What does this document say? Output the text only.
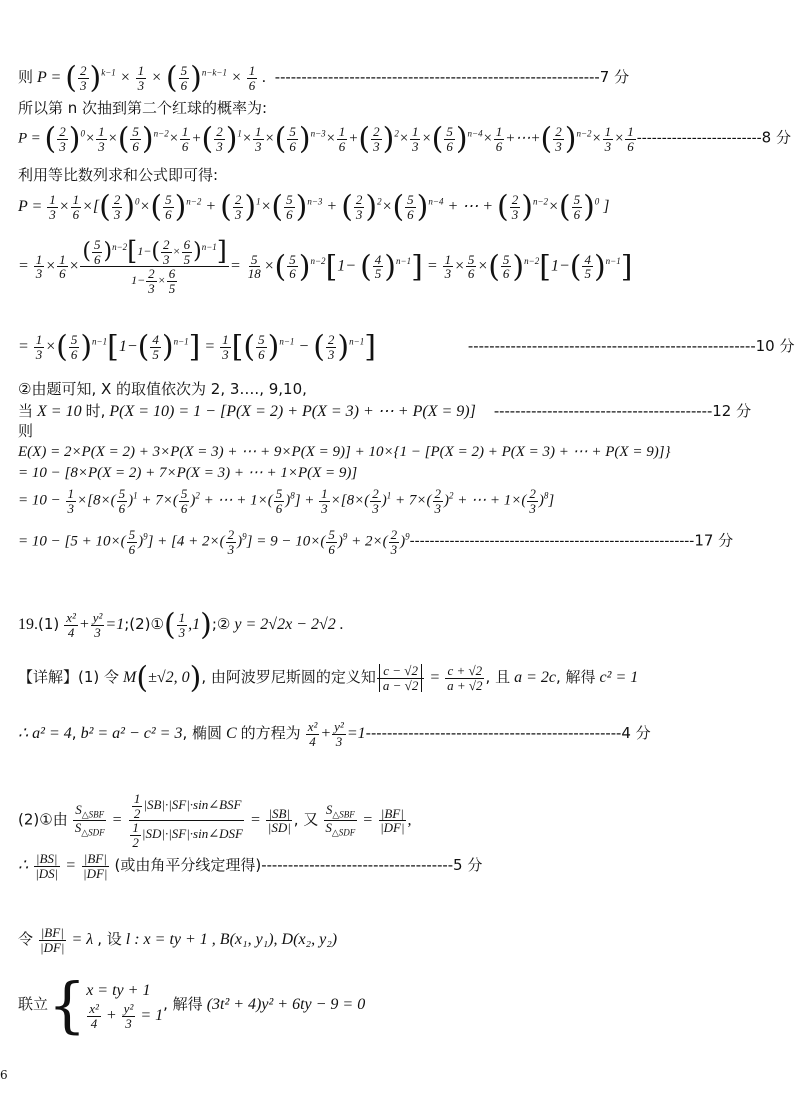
则 P = ( $\frac{2}{3} )^{k-1} \times \frac{1}{3}$ × ( $\frac{5}{6} )^{n-k-1} \times \frac{1}{6}$ .  -------------------------------------------------------------7 分
所以第 n 次抽到第二个红球的概率为:
P = ( $\frac{2}{3} )^0\times \frac{1}{3}$ ×( $\frac{5}{6} )^{n-2}\times \frac{1}{6}$ +( $\frac{2}{3} )^1\times \frac{1}{3}$ ×( $\frac{5}{6} )^{n-3}\times \frac{1}{6}$ +( $\frac{2}{3} )^2\times \frac{1}{3}$ ×( $\frac{5}{6} )^{n-4}\times \frac{1}{6}$ +⋯+( $\frac{2}{3} )^{n-2}\times \frac{1}{3} \times \frac{1}{6} -------------------------8$ 分
利用等比数列求和公式即可得:
$P = \frac{1}{3} \times \frac{1}{6}$ ×[( $\frac{2}{3} )^0\times( \frac{5}{6} )^{n-2}$ + ( $\frac{2}{3} )^1\times( \frac{5}{6} )^{n-3}$ + ( $\frac{2}{3} )^2\times( \frac{5}{6} )^{n-4}$ + ⋯ + ( $\frac{2}{3} )^{n-2}\times( \frac{5}{6} )^0$ ]
= $\frac{1}{3} \times \frac{1}{6} \times \frac{( \frac{5}{6} )^{n-2}[1-( \frac{2}{3} \times \frac{6}{5} )^{n-1}]}{1- \frac{2}{3} \times \frac{6}{5}} = \frac{5}{18}$ ×( $\frac{5}{6} )^{n-2}[1-$ ( $\frac{4}{5} )^{n-1}] = \frac{1}{3} \times \frac{5}{6}$ ×( $\frac{5}{6} )^{n-2}[1-( \frac{4}{5} )^{n-1}]$
= $\frac{1}{3}$ ×( $\frac{5}{6} )^{n-1}[1-( \frac{4}{5} )^{n-1}] = \frac{1}{3}$ [( $\frac{5}{6} )^{n-1}$ − ( $\frac{2}{3} )^{n-1}$]	------------------------------------------------------10 分
②由题可知, X 的取值依次为 2, 3…., 9,10,
当 X = 10 时, P(X = 10) = 1 − [P(X = 2) + P(X = 3) + ⋯ + P(X = 9)] -----------------------------------------12 分
则
E(X) = 2×P(X = 2) + 3×P(X = 3) + ⋯ + 9×P(X = 9)] + 10×{1 − [P(X = 2) + P(X = 3) + ⋯ + P(X = 9)]}
= 10 − [8×P(X = 2) + 7×P(X = 3) + ⋯ + 1×P(X = 9)]
= $10 - \frac{1}{3} \times[8\times( \frac{5}{6} )^1 + 7\times( \frac{5}{6} )^2$ + ⋯ + $1\times( \frac{5}{6} )^8] + \frac{1}{3} \times[8\times( \frac{2}{3} )^1 + 7\times( \frac{2}{3} )^2$ + ⋯ + $1\times( \frac{2}{3} )^8$]
= $10 - [5 + 10\times( \frac{5}{6} )^9] + [4 + 2\times( \frac{2}{3} )^9] = 9 - 10\times( \frac{5}{6} )^9 + 2\times( \frac{2}{3} )^9---------------------------------------------------------17$ 分
$19.(1) \frac{\text{x²}}{4} + \frac{\text{y²}}{3}$ =1;(2)①( $\frac{1}{3}$ ,1);② y = 2√2x − 2√2 .
【详解】(1) 令 M(±√2, 0), 由阿波罗尼斯圆的定义知 $\frac{c - √2}{a - √2} = \frac{c + √2}{a + √2}$ , 且 a = 2c, 解得 c² = 1
∴ a² = 4, b² = a² − c² = 3, 椭圆 C 的方程为 $\frac{\text{x²}}{4} + \frac{\text{y²}}{3} =1------------------------------------------------4$ 分
(2)①由 $\frac{S_{\triangle SBF}}{S_{\triangle SDF}} = \frac{\frac{1}{2} |SB|\cdot|SF|\cdot\sin\angle BSF}{\frac{1}{2} |SD|\cdot|SF|\cdot\sin\angle DSF} = \frac{|SB|}{|SD|}$ , 又 $\frac{S_{\triangle SBF}}{S_{\triangle SDF}} = \frac{|BF|}{|DF|}$ ,
∴ $\frac{|BS|}{|DS|} = \frac{|BF|}{|DF|}$ (或由角平分线定理得)------------------------------------5 分
令 $\frac{|BF|}{|DF|} = \lambda$ , 设 l : x = ty + 1 , B(x₁, y₁), D(x₂, y₂)
联立{ x = ty + 1
$\frac{\text{x²}}{4} + \frac{\text{y²}}{3} = 1$
, 解得 (3t² + 4)y² + 6ty − 9 = 0
6
